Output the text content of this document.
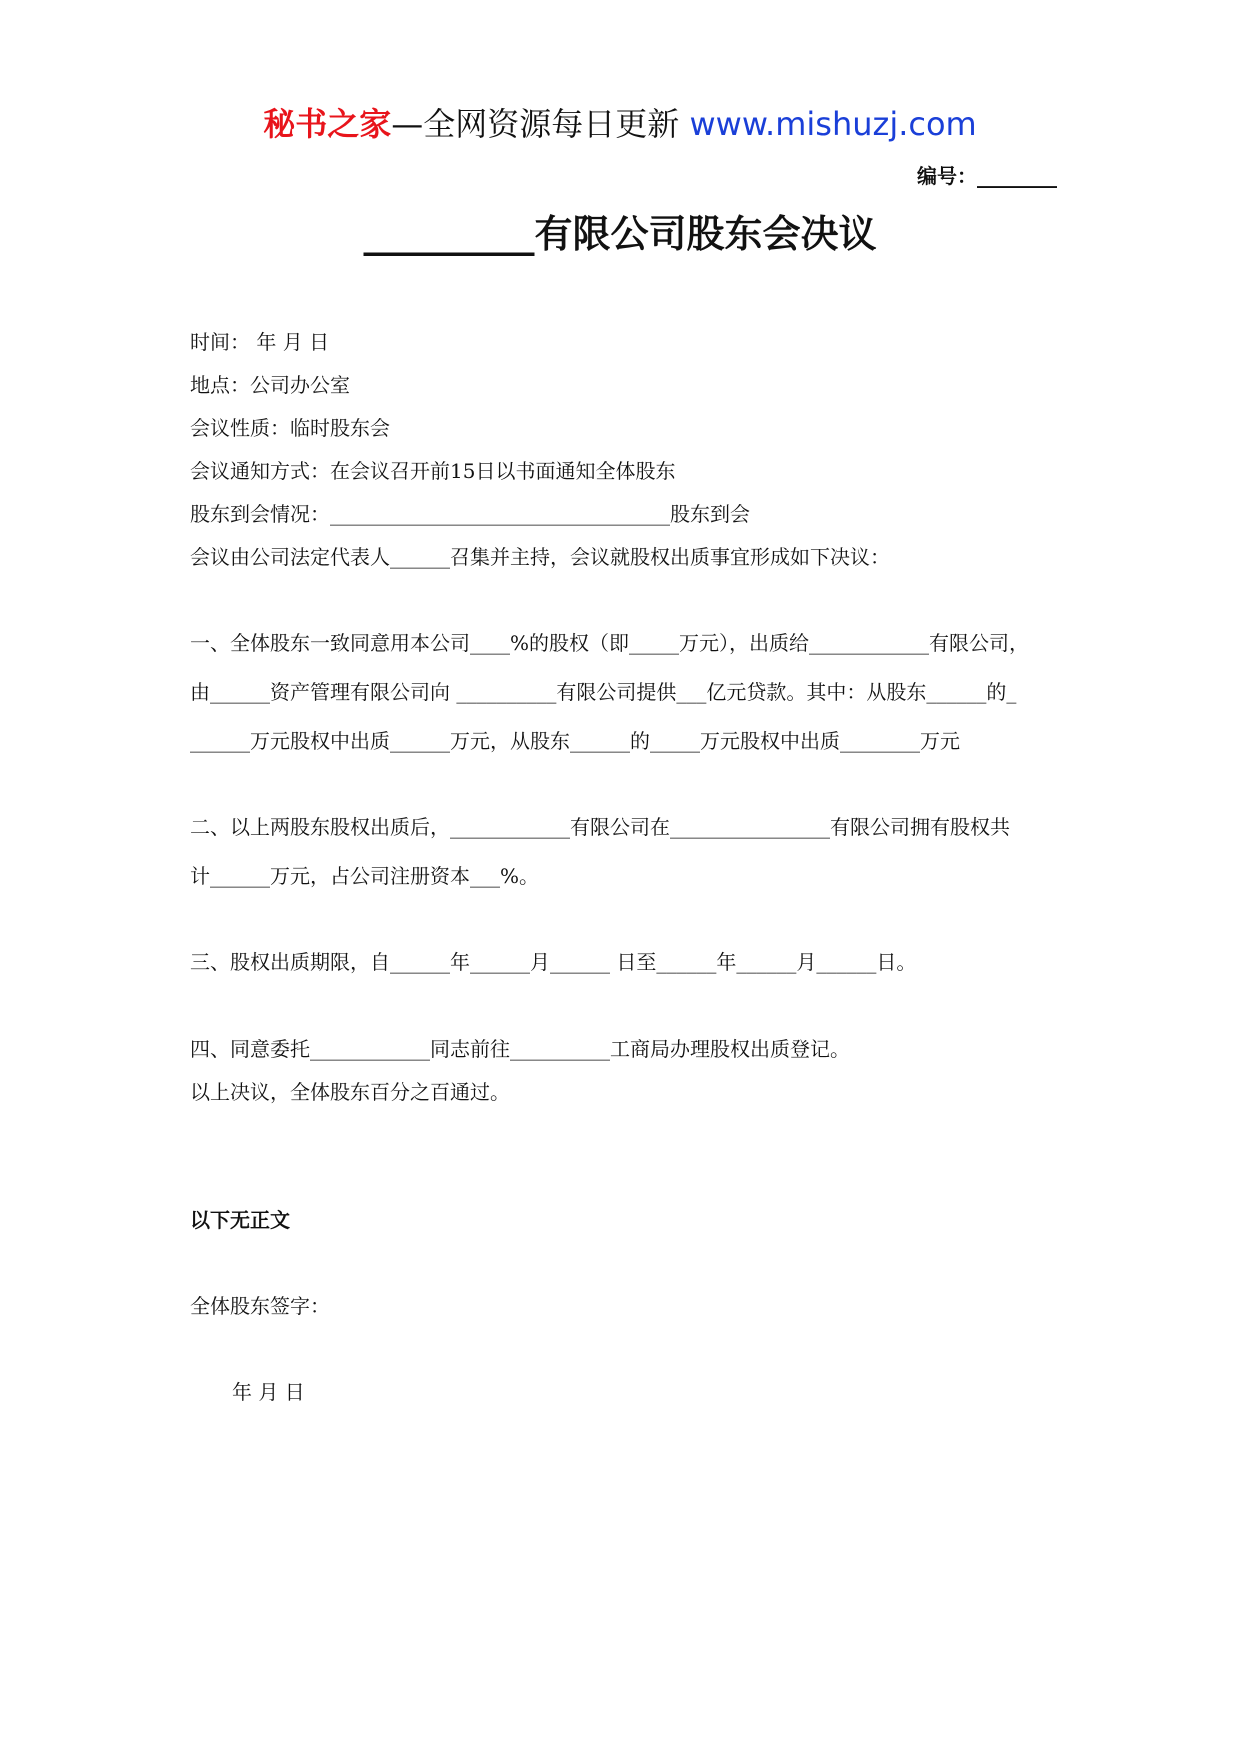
秘书之家—全网资源每日更新 www.mishuzj.com
编号：________
_________有限公司股东会决议
时间： 年 月 日
地点：公司办公室
会议性质：临时股东会
会议通知方式：在会议召开前15日以书面通知全体股东
股东到会情况：__________________________________股东到会
会议由公司法定代表人______召集并主持，会议就股权出质事宜形成如下决议：
一、全体股东一致同意用本公司____%的股权（即_____万元），出质给____________有限公司，
由______资产管理有限公司向 __________有限公司提供___亿元贷款。其中：从股东______的_
______万元股权中出质______万元，从股东______的_____万元股权中出质________万元
二、以上两股东股权出质后，____________有限公司在________________有限公司拥有股权共
计______万元，占公司注册资本___%。
三、股权出质期限，自______年______月______ 日至______年______月______日。
四、同意委托____________同志前往__________工商局办理股权出质登记。
以上决议，全体股东百分之百通过。
以下无正文
全体股东签字：
年 月 日
